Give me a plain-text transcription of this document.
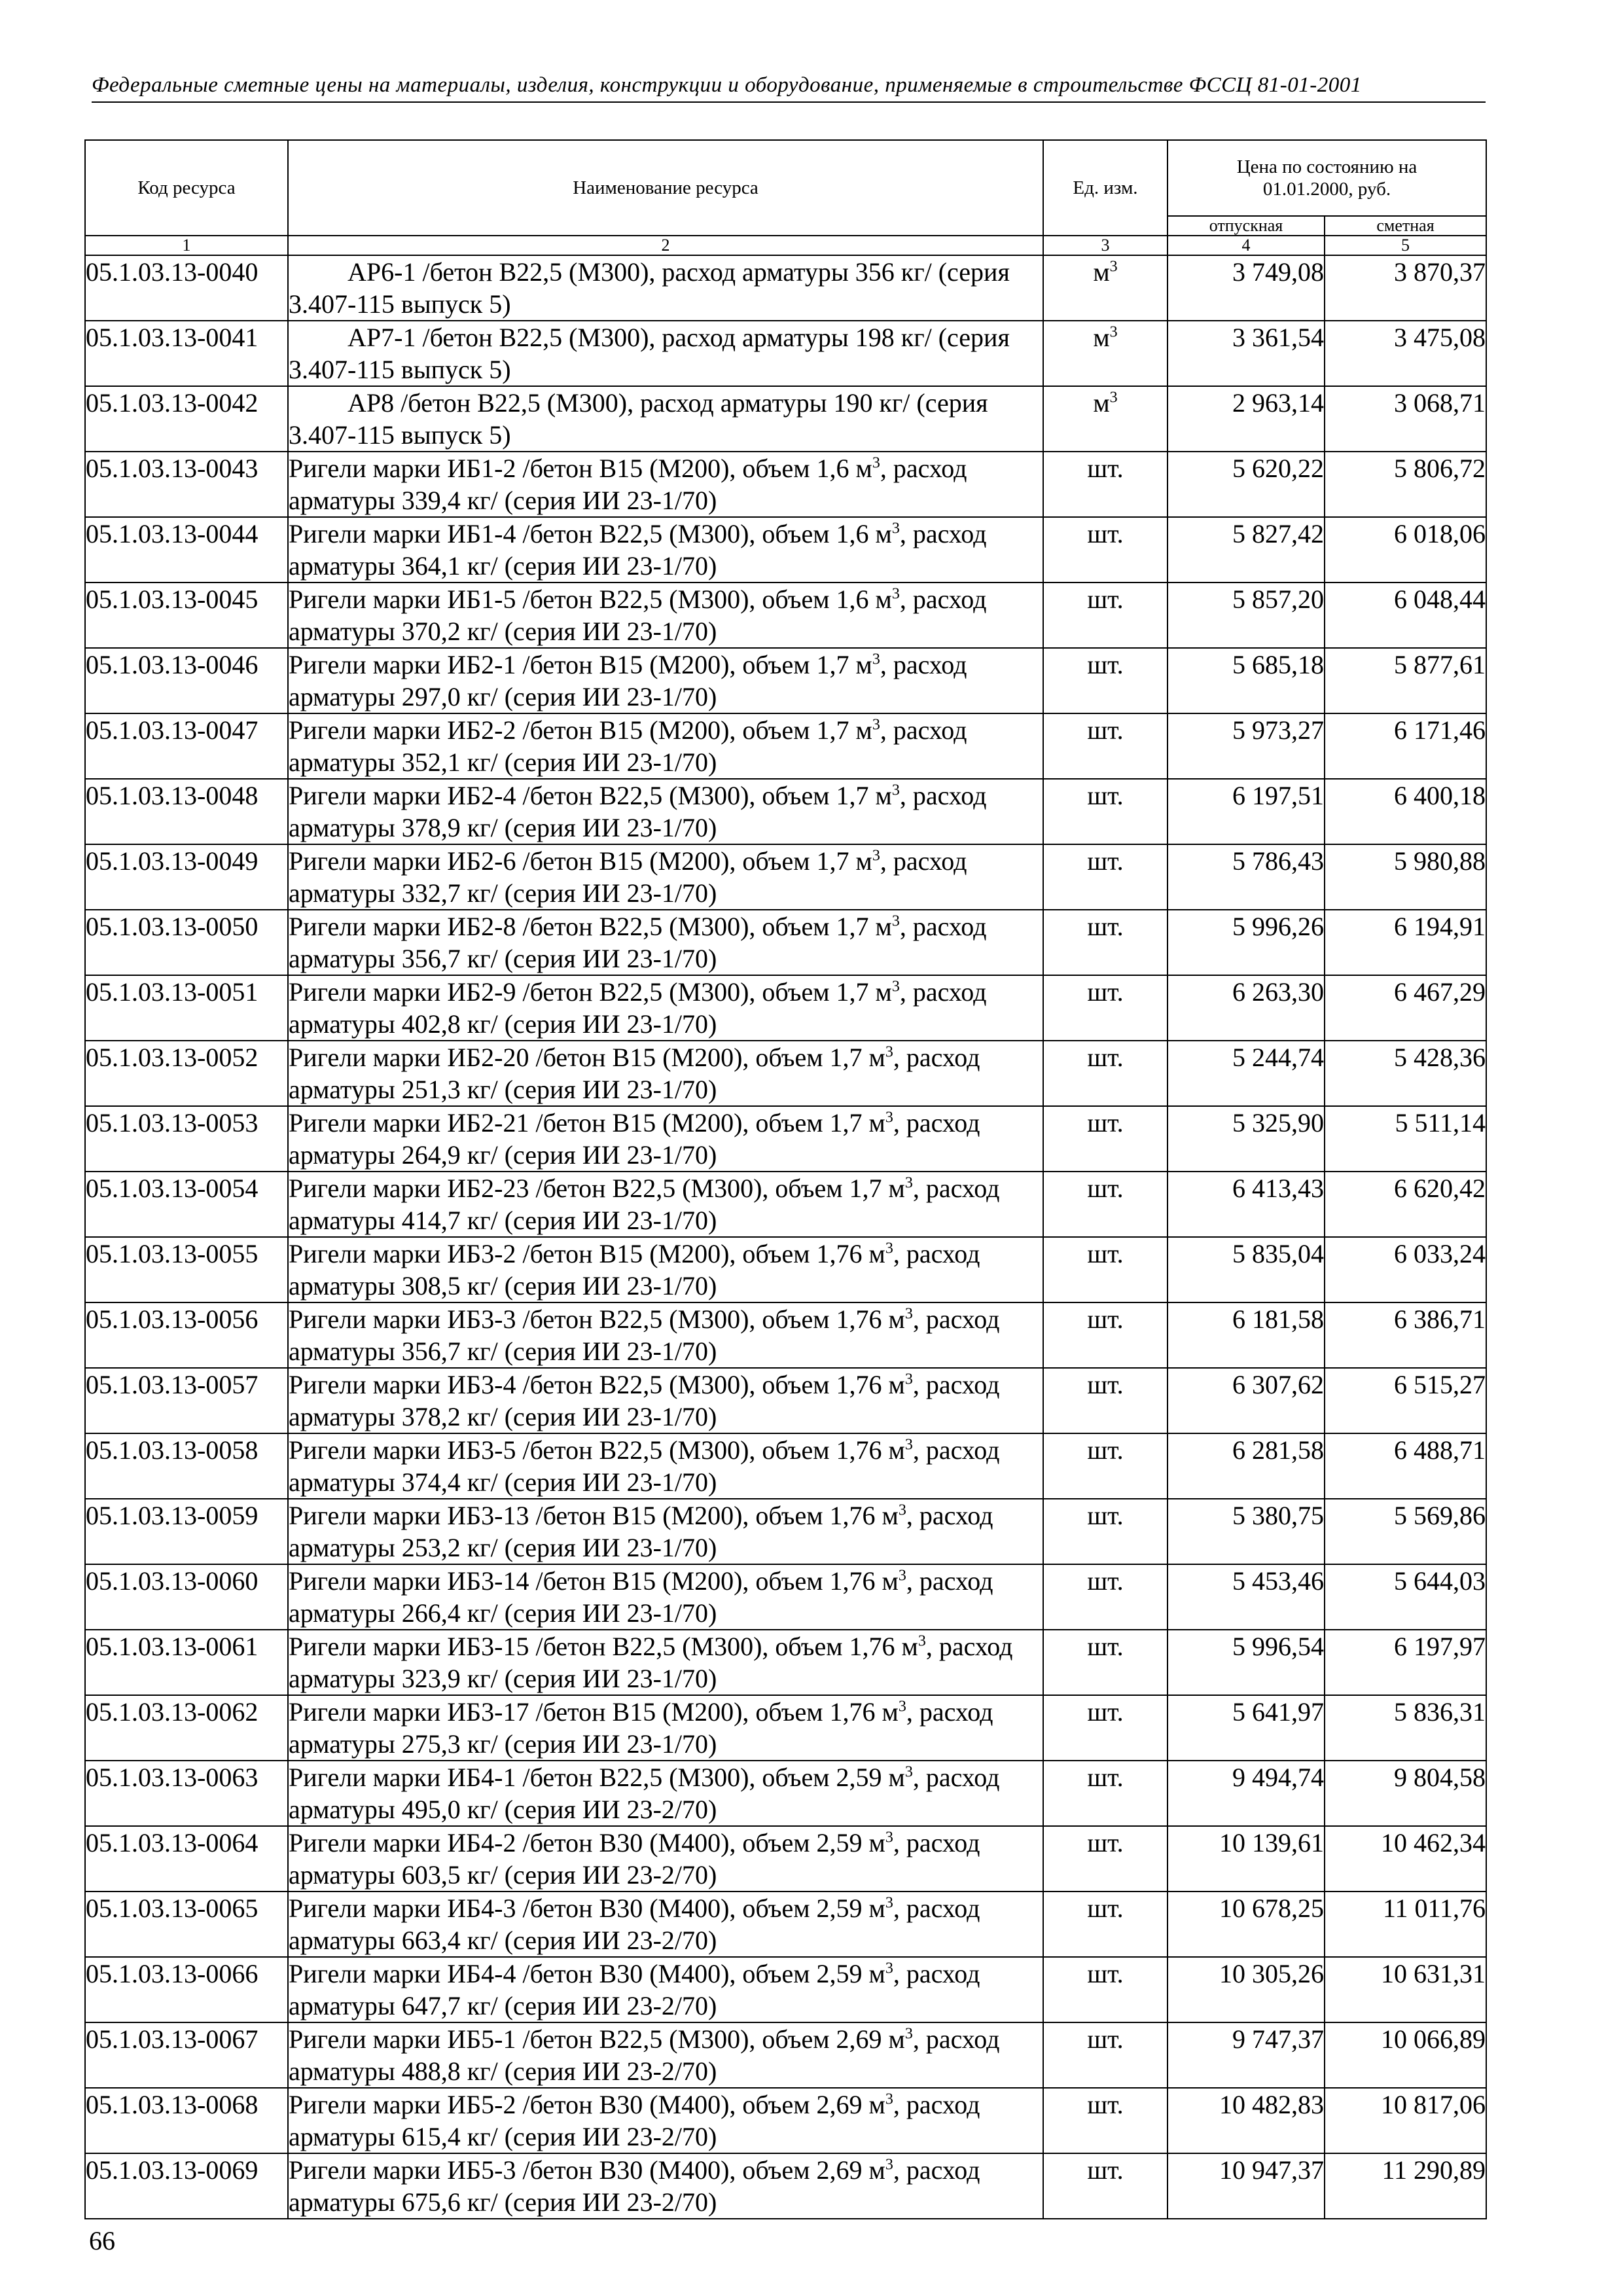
Федеральные сметные цены на материалы, изделия, конструкции и оборудование, применяемые в строительстве ФССЦ 81-01-2001
Код ресурса	Наименование ресурса	Ед. изм.	Цена по состоянию на 01.01.2000, руб.	
			отпускная	сметная
1	2	3	4	5
05.1.03.13-0040	АР6-1 /бетон В22,5 (М300), расход арматуры 356 кг/ (серия 3.407-115 выпуск 5)	$м^3$	3 749,08	3 870,37
05.1.03.13-0041	АР7-1 /бетон В22,5 (М300), расход арматуры 198 кг/ (серия 3.407-115 выпуск 5)	$м^3$	3 361,54	3 475,08
05.1.03.13-0042	АР8 /бетон В22,5 (М300), расход арматуры 190 кг/ (серия 3.407-115 выпуск 5)	$м^3$	2 963,14	3 068,71
05.1.03.13-0043	Ригели марки ИБ1-2 /бетон В15 (М200), объем 1,6 $м^3$, расход арматуры 339,4 кг/ (серия ИИ 23-1/70)	шт.	5 620,22	5 806,72
05.1.03.13-0044	Ригели марки ИБ1-4 /бетон В22,5 (М300), объем 1,6 $м^3$, расход арматуры 364,1 кг/ (серия ИИ 23-1/70)	шт.	5 827,42	6 018,06
05.1.03.13-0045	Ригели марки ИБ1-5 /бетон В22,5 (М300), объем 1,6 $м^3$, расход арматуры 370,2 кг/ (серия ИИ 23-1/70)	шт.	5 857,20	6 048,44
05.1.03.13-0046	Ригели марки ИБ2-1 /бетон В15 (М200), объем 1,7 $м^3$, расход арматуры 297,0 кг/ (серия ИИ 23-1/70)	шт.	5 685,18	5 877,61
05.1.03.13-0047	Ригели марки ИБ2-2 /бетон В15 (М200), объем 1,7 $м^3$, расход арматуры 352,1 кг/ (серия ИИ 23-1/70)	шт.	5 973,27	6 171,46
05.1.03.13-0048	Ригели марки ИБ2-4 /бетон В22,5 (М300), объем 1,7 $м^3$, расход арматуры 378,9 кг/ (серия ИИ 23-1/70)	шт.	6 197,51	6 400,18
05.1.03.13-0049	Ригели марки ИБ2-6 /бетон В15 (М200), объем 1,7 $м^3$, расход арматуры 332,7 кг/ (серия ИИ 23-1/70)	шт.	5 786,43	5 980,88
05.1.03.13-0050	Ригели марки ИБ2-8 /бетон В22,5 (М300), объем 1,7 $м^3$, расход арматуры 356,7 кг/ (серия ИИ 23-1/70)	шт.	5 996,26	6 194,91
05.1.03.13-0051	Ригели марки ИБ2-9 /бетон В22,5 (М300), объем 1,7 $м^3$, расход арматуры 402,8 кг/ (серия ИИ 23-1/70)	шт.	6 263,30	6 467,29
05.1.03.13-0052	Ригели марки ИБ2-20 /бетон В15 (М200), объем 1,7 $м^3$, расход арматуры 251,3 кг/ (серия ИИ 23-1/70)	шт.	5 244,74	5 428,36
05.1.03.13-0053	Ригели марки ИБ2-21 /бетон В15 (М200), объем 1,7 $м^3$, расход арматуры 264,9 кг/ (серия ИИ 23-1/70)	шт.	5 325,90	5 511,14
05.1.03.13-0054	Ригели марки ИБ2-23 /бетон В22,5 (М300), объем 1,7 $м^3$, расход арматуры 414,7 кг/ (серия ИИ 23-1/70)	шт.	6 413,43	6 620,42
05.1.03.13-0055	Ригели марки ИБ3-2 /бетон В15 (М200), объем 1,76 $м^3$, расход арматуры 308,5 кг/ (серия ИИ 23-1/70)	шт.	5 835,04	6 033,24
05.1.03.13-0056	Ригели марки ИБ3-3 /бетон В22,5 (М300), объем 1,76 $м^3$, расход арматуры 356,7 кг/ (серия ИИ 23-1/70)	шт.	6 181,58	6 386,71
05.1.03.13-0057	Ригели марки ИБ3-4 /бетон В22,5 (М300), объем 1,76 $м^3$, расход арматуры 378,2 кг/ (серия ИИ 23-1/70)	шт.	6 307,62	6 515,27
05.1.03.13-0058	Ригели марки ИБ3-5 /бетон В22,5 (М300), объем 1,76 $м^3$, расход арматуры 374,4 кг/ (серия ИИ 23-1/70)	шт.	6 281,58	6 488,71
05.1.03.13-0059	Ригели марки ИБ3-13 /бетон В15 (М200), объем 1,76 $м^3$, расход арматуры 253,2 кг/ (серия ИИ 23-1/70)	шт.	5 380,75	5 569,86
05.1.03.13-0060	Ригели марки ИБ3-14 /бетон В15 (М200), объем 1,76 $м^3$, расход арматуры 266,4 кг/ (серия ИИ 23-1/70)	шт.	5 453,46	5 644,03
05.1.03.13-0061	Ригели марки ИБ3-15 /бетон В22,5 (М300), объем 1,76 $м^3$, расход арматуры 323,9 кг/ (серия ИИ 23-1/70)	шт.	5 996,54	6 197,97
05.1.03.13-0062	Ригели марки ИБ3-17 /бетон В15 (М200), объем 1,76 $м^3$, расход арматуры 275,3 кг/ (серия ИИ 23-1/70)	шт.	5 641,97	5 836,31
05.1.03.13-0063	Ригели марки ИБ4-1 /бетон В22,5 (М300), объем 2,59 $м^3$, расход арматуры 495,0 кг/ (серия ИИ 23-2/70)	шт.	9 494,74	9 804,58
05.1.03.13-0064	Ригели марки ИБ4-2 /бетон В30 (М400), объем 2,59 $м^3$, расход арматуры 603,5 кг/ (серия ИИ 23-2/70)	шт.	10 139,61	10 462,34
05.1.03.13-0065	Ригели марки ИБ4-3 /бетон В30 (М400), объем 2,59 $м^3$, расход арматуры 663,4 кг/ (серия ИИ 23-2/70)	шт.	10 678,25	11 011,76
05.1.03.13-0066	Ригели марки ИБ4-4 /бетон В30 (М400), объем 2,59 $м^3$, расход арматуры 647,7 кг/ (серия ИИ 23-2/70)	шт.	10 305,26	10 631,31
05.1.03.13-0067	Ригели марки ИБ5-1 /бетон В22,5 (М300), объем 2,69 $м^3$, расход арматуры 488,8 кг/ (серия ИИ 23-2/70)	шт.	9 747,37	10 066,89
05.1.03.13-0068	Ригели марки ИБ5-2 /бетон В30 (М400), объем 2,69 $м^3$, расход арматуры 615,4 кг/ (серия ИИ 23-2/70)	шт.	10 482,83	10 817,06
05.1.03.13-0069	Ригели марки ИБ5-3 /бетон В30 (М400), объем 2,69 $м^3$, расход арматуры 675,6 кг/ (серия ИИ 23-2/70)	шт.	10 947,37	11 290,89
66
